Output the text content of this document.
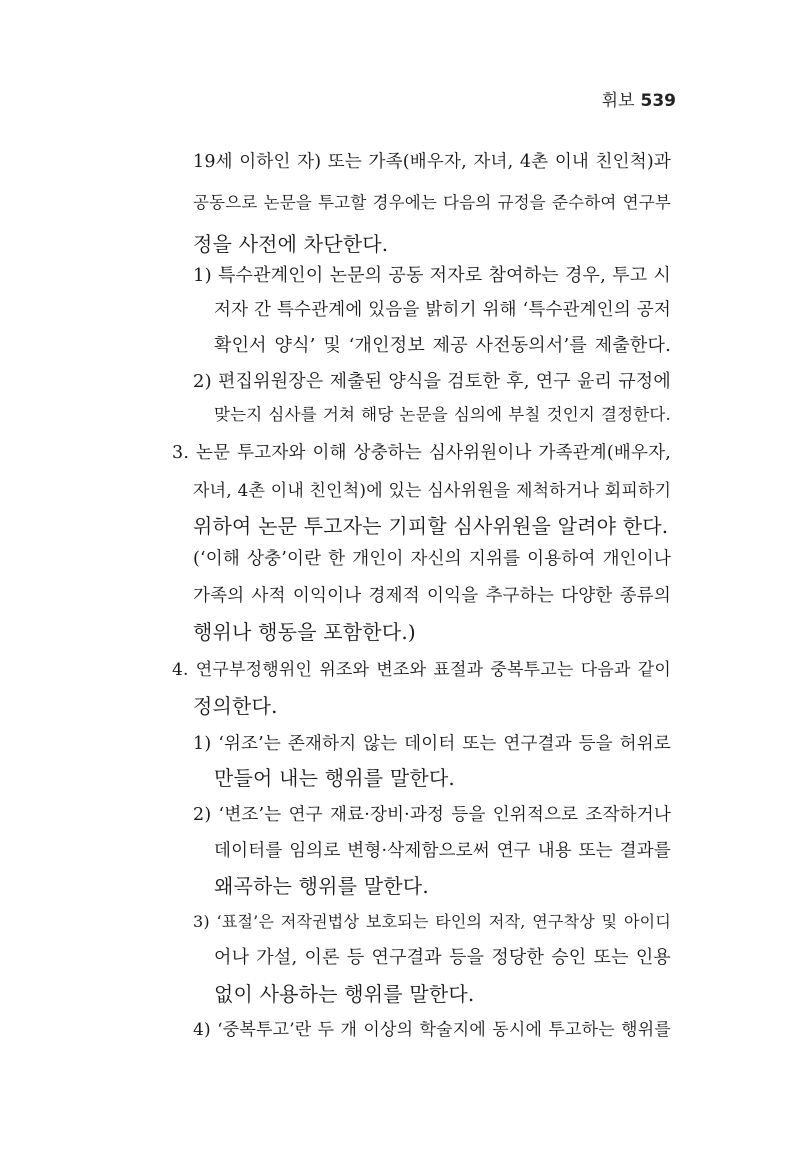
휘보 539
19세 이하인 자) 또는 가족(배우자, 자녀, 4촌 이내 친인척)과
공동으로 논문을 투고할 경우에는 다음의 규정을 준수하여 연구부
정을 사전에 차단한다.
1) 특수관계인이 논문의 공동 저자로 참여하는 경우, 투고 시
저자 간 특수관계에 있음을 밝히기 위해 ‘특수관계인의 공저
확인서 양식’ 및 ‘개인정보 제공 사전동의서’를 제출한다.
2) 편집위원장은 제출된 양식을 검토한 후, 연구 윤리 규정에
맞는지 심사를 거쳐 해당 논문을 심의에 부칠 것인지 결정한다.
3. 논문 투고자와 이해 상충하는 심사위원이나 가족관계(배우자,
자녀, 4촌 이내 친인척)에 있는 심사위원을 제척하거나 회피하기
위하여 논문 투고자는 기피할 심사위원을 알려야 한다.
(‘이해 상충’이란 한 개인이 자신의 지위를 이용하여 개인이나
가족의 사적 이익이나 경제적 이익을 추구하는 다양한 종류의
행위나 행동을 포함한다.)
4. 연구부정행위인 위조와 변조와 표절과 중복투고는 다음과 같이
정의한다.
1) ‘위조’는 존재하지 않는 데이터 또는 연구결과 등을 허위로
만들어 내는 행위를 말한다.
2) ‘변조’는 연구 재료·장비·과정 등을 인위적으로 조작하거나
데이터를 임의로 변형·삭제함으로써 연구 내용 또는 결과를
왜곡하는 행위를 말한다.
3) ‘표절’은 저작권법상 보호되는 타인의 저작, 연구착상 및 아이디
어나 가설, 이론 등 연구결과 등을 정당한 승인 또는 인용
없이 사용하는 행위를 말한다.
4) ‘중복투고’란 두 개 이상의 학술지에 동시에 투고하는 행위를
